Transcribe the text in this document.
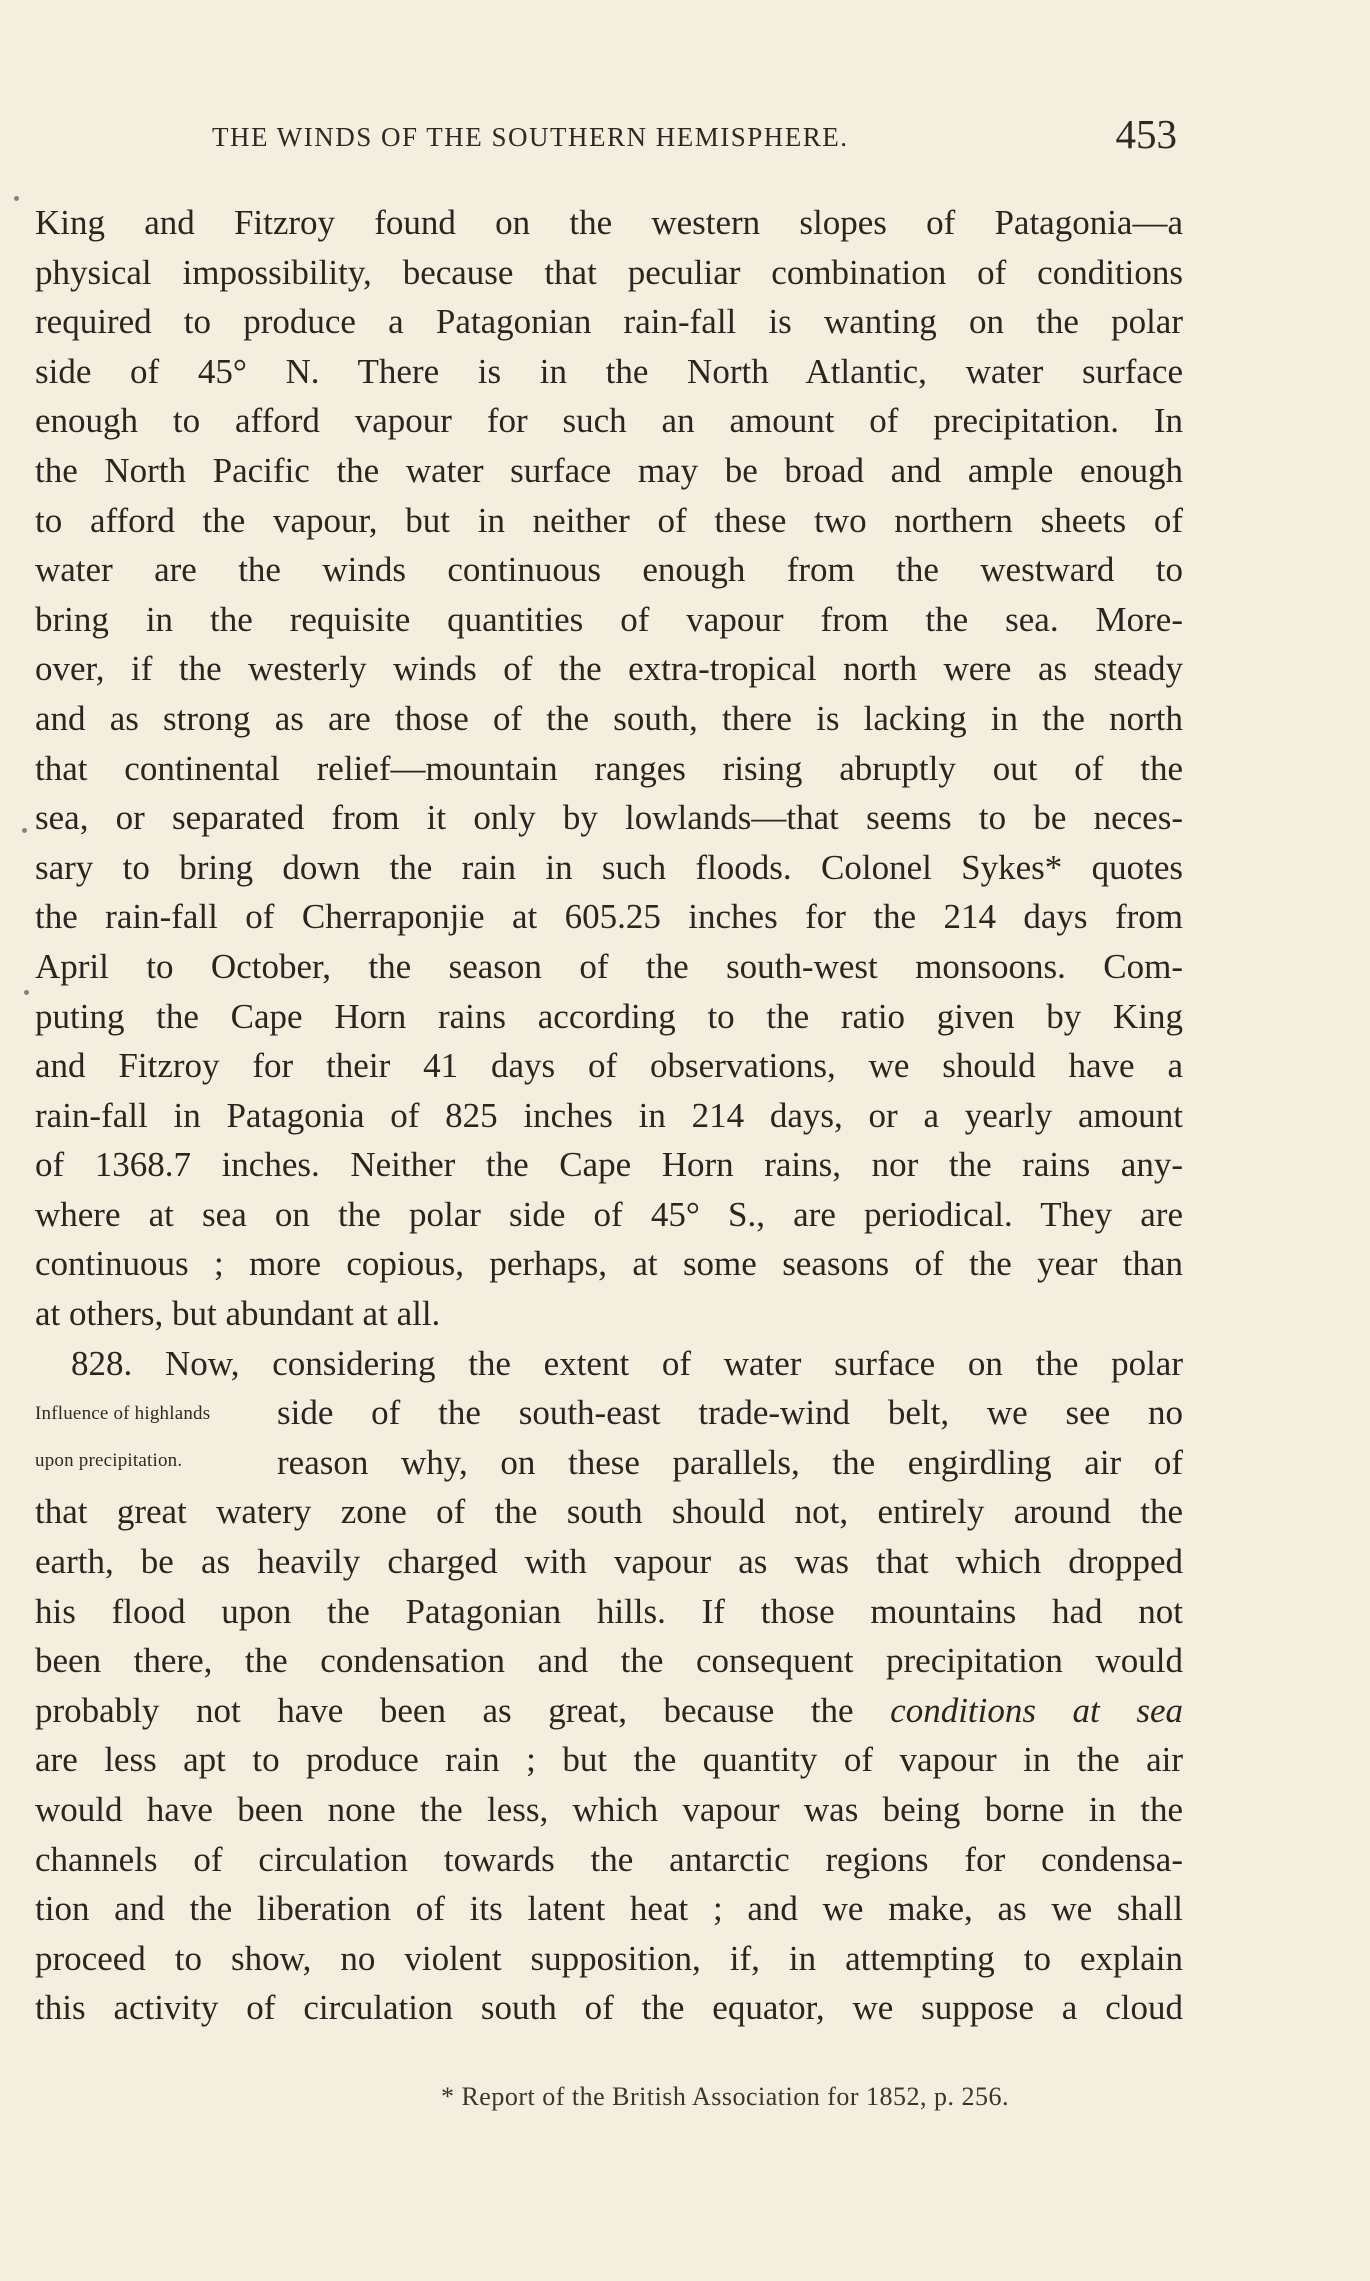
THE WINDS OF THE SOUTHERN HEMISPHERE.	453
King and Fitzroy found on the western slopes of Patagonia—a
physical impossibility, because that peculiar combination of conditions
required to produce a Patagonian rain-fall is wanting on the polar
side of 45° N. There is in the North Atlantic, water surface
enough to afford vapour for such an amount of precipitation. In
the North Pacific the water surface may be broad and ample enough
to afford the vapour, but in neither of these two northern sheets of
water are the winds continuous enough from the westward to
bring in the requisite quantities of vapour from the sea. More-
over, if the westerly winds of the extra-tropical north were as steady
and as strong as are those of the south, there is lacking in the north
that continental relief—mountain ranges rising abruptly out of the
sea, or separated from it only by lowlands—that seems to be neces-
sary to bring down the rain in such floods. Colonel Sykes* quotes
the rain-fall of Cherraponjie at 605.25 inches for the 214 days from
April to October, the season of the south-west monsoons. Com-
puting the Cape Horn rains according to the ratio given by King
and Fitzroy for their 41 days of observations, we should have a
rain-fall in Patagonia of 825 inches in 214 days, or a yearly amount
of 1368.7 inches. Neither the Cape Horn rains, nor the rains any-
where at sea on the polar side of 45° S., are periodical. They are
continuous ; more copious, perhaps, at some seasons of the year than
at others, but abundant at all.
828. Now, considering the extent of water surface on the polar
side of the south-east trade-wind belt, we see no
reason why, on these parallels, the engirdling air of
that great watery zone of the south should not, entirely around the
earth, be as heavily charged with vapour as was that which dropped
his flood upon the Patagonian hills. If those mountains had not
been there, the condensation and the consequent precipitation would
probably not have been as great, because the conditions at sea
are less apt to produce rain ; but the quantity of vapour in the air
would have been none the less, which vapour was being borne in the
channels of circulation towards the antarctic regions for condensa-
tion and the liberation of its latent heat ; and we make, as we shall
proceed to show, no violent supposition, if, in attempting to explain
this activity of circulation south of the equator, we suppose a cloud
Influence of highlands
upon precipitation.
* Report of the British Association for 1852, p. 256.
